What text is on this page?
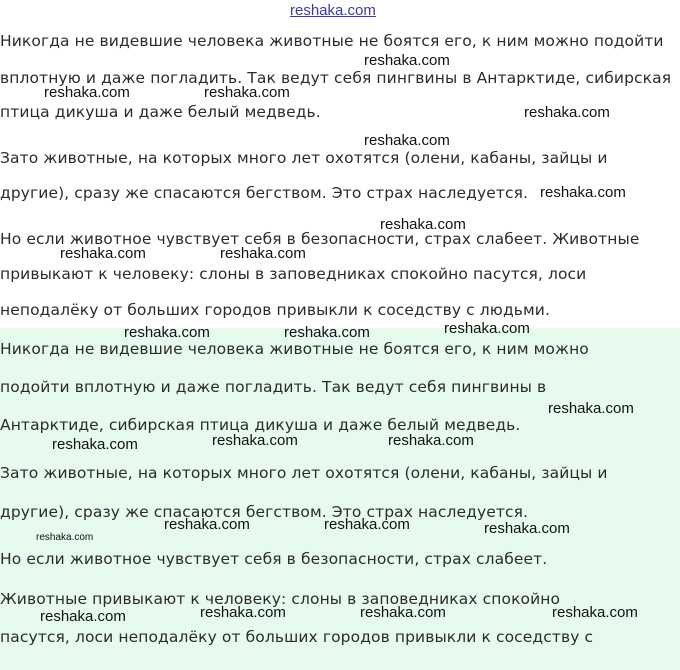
reshaka.com
Никогда не видевшие человека животные не боятся его, к ним можно подойти
вплотную и даже погладить. Так ведут себя пингвины в Антарктиде, сибирская
птица дикуша и даже белый медведь.
Зато животные, на которых много лет охотятся (олени, кабаны, зайцы и
другие), сразу же спасаются бегством. Это страх наследуется.
Но если животное чувствует себя в безопасности, страх слабеет. Животные
привыкают к человеку: слоны в заповедниках спокойно пасутся, лоси
неподалёку от больших городов привыкли к соседству с людьми.
Никогда не видевшие человека животные не боятся его, к ним можно
подойти вплотную и даже погладить. Так ведут себя пингвины в
Антарктиде, сибирская птица дикуша и даже белый медведь.
Зато животные, на которых много лет охотятся (олени, кабаны, зайцы и
другие), сразу же спасаются бегством. Это страх наследуется.
Но если животное чувствует себя в безопасности, страх слабеет.
Животные привыкают к человеку: слоны в заповедниках спокойно
пасутся, лоси неподалёку от больших городов привыкли к соседству с
reshaka.com
reshaka.com	reshaka.com
reshaka.com
reshaka.com
reshaka.com
reshaka.com
reshaka.com	reshaka.com
reshaka.com	reshaka.com	reshaka.com
reshaka.com
reshaka.com	reshaka.com	reshaka.com
reshaka.com	reshaka.com	reshaka.com
reshaka.com
reshaka.com	reshaka.com	reshaka.com	reshaka.com
